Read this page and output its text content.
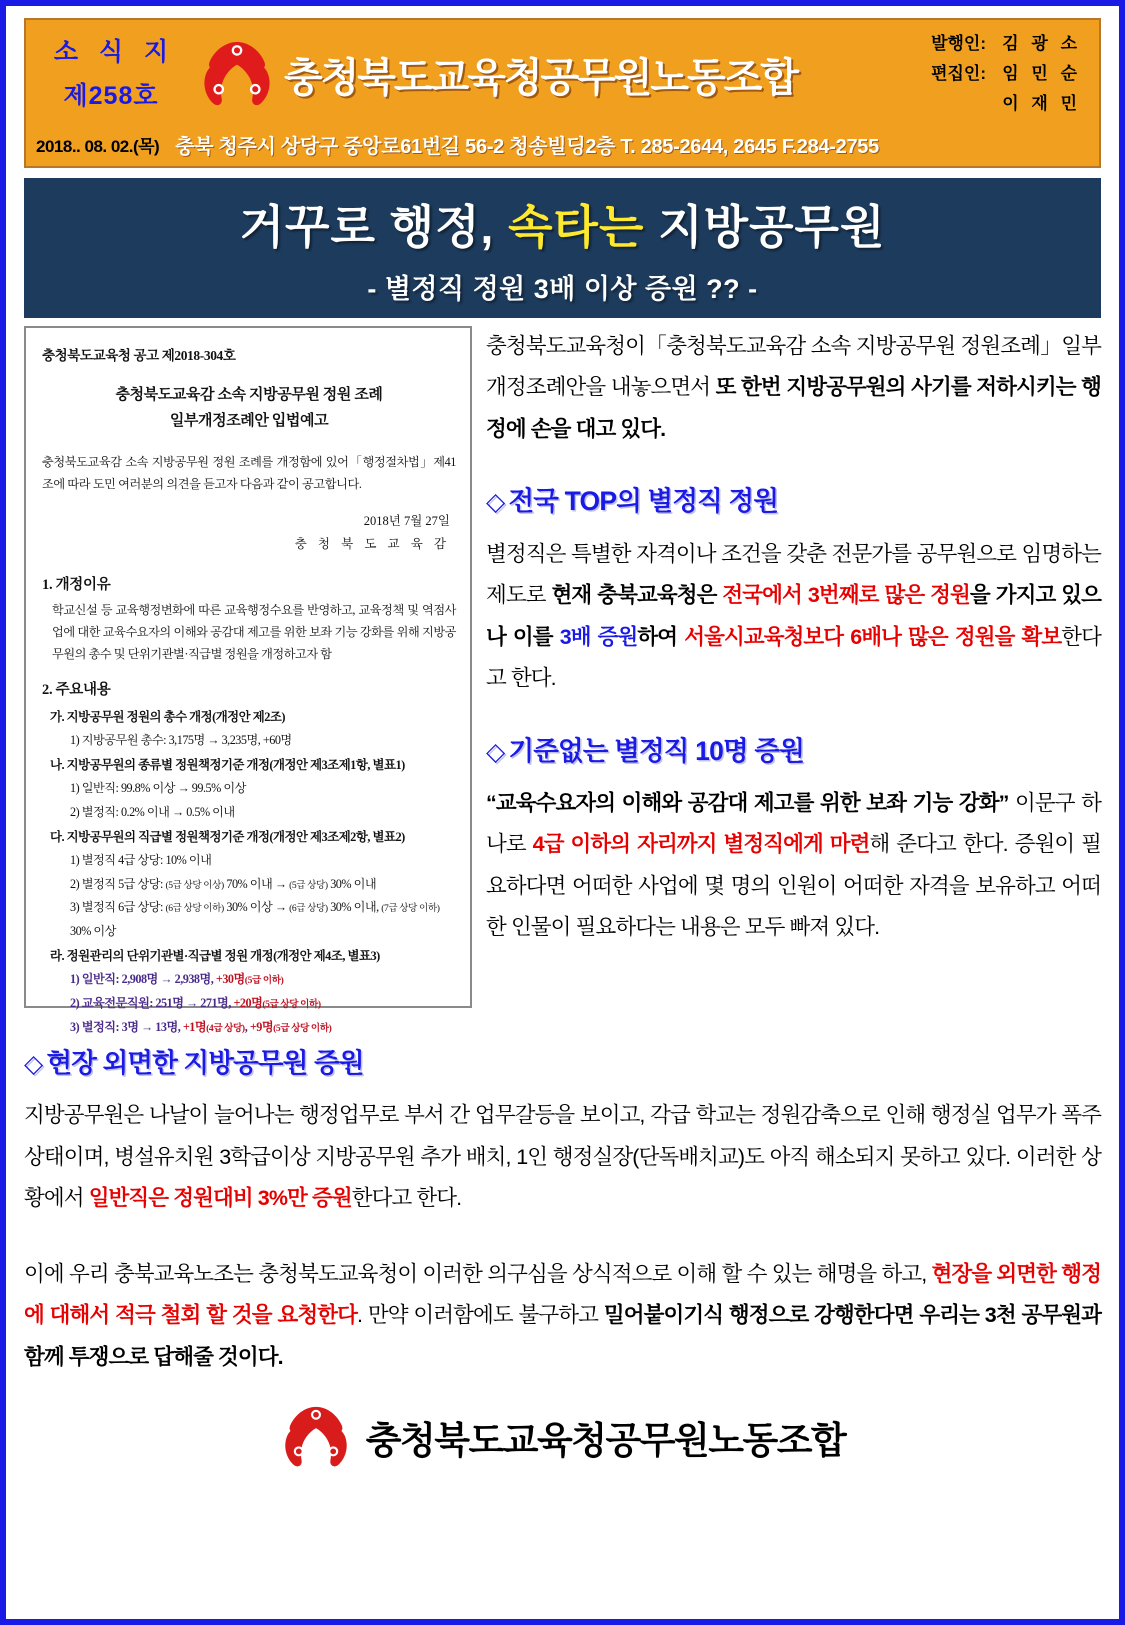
소 식 지
제258호	충청북도교육청공무원노동조합
발행인: 김 광 소
편집인: 임 민 순
이 재 민
2018.. 08. 02.(목) 충북 청주시 상당구 중앙로61번길 56-2 청송빌딩2층 T. 285-2644, 2645 F.284-2755
거꾸로 행정, 속타는 지방공무원
- 별정직 정원 3배 이상 증원 ?? -
충청북도교육청 공고 제2018-304호
충청북도교육감 소속 지방공무원 정원 조례
일부개정조례안 입법예고
충청북도교육감 소속 지방공무원 정원 조례를 개정함에 있어「행정절차법」제41조에 따라 도민 여러분의 의견을 듣고자 다음과 같이 공고합니다.
2018년 7월 27일
충 청 북 도 교 육 감
1. 개정이유
학교신설 등 교육행정변화에 따른 교육행정수요를 반영하고, 교육정책 및 역점사업에 대한 교육수요자의 이해와 공감대 제고를 위한 보좌 기능 강화를 위해 지방공무원의 총수 및 단위기관별·직급별 정원을 개정하고자 함
2. 주요내용
가. 지방공무원 정원의 총수 개정(개정안 제2조)
1) 지방공무원 총수: 3,175명 → 3,235명, +60명
나. 지방공무원의 종류별 정원책정기준 개정(개정안 제3조제1항, 별표1)
1) 일반직: 99.8% 이상 → 99.5% 이상
2) 별정직: 0.2% 이내 → 0.5% 이내
다. 지방공무원의 직급별 정원책정기준 개정(개정안 제3조제2항, 별표2)
1) 별정직 4급 상당: 10% 이내
2) 별정직 5급 상당: (5급 상당 이상) 70% 이내 → (5급 상당) 30% 이내
3) 별정직 6급 상당: (6급 상당 이하) 30% 이상 → (6급 상당) 30% 이내, (7급 상당 이하) 30% 이상
라. 정원관리의 단위기관별·직급별 정원 개정(개정안 제4조, 별표3)
1) 일반직: 2,908명 → 2,938명, +30명(5급 이하)
2) 교육전문직원: 251명 → 271명, +20명(5급 상당 이하)
3) 별정직: 3명 → 13명, +1명(4급 상당), +9명(5급 상당 이하)

충청북도교육청이「충청북도교육감 소속 지방공무원 정원조례」일부개정조례안을 내놓으면서 또 한번 지방공무원의 사기를 저하시키는 행정에 손을 대고 있다.

◇ 전국 TOP의 별정직 정원

별정직은 특별한 자격이나 조건을 갖춘 전문가를 공무원으로 임명하는 제도로 현재 충북교육청은 전국에서 3번째로 많은 정원을 가지고 있으나 이를 3배 증원하여 서울시교육청보다 6배나 많은 정원을 확보한다고 한다.

◇ 기준없는 별정직 10명 증원

“교육수요자의 이해와 공감대 제고를 위한 보좌 기능 강화” 이문구 하나로 4급 이하의 자리까지 별정직에게 마련해 준다고 한다. 증원이 필요하다면 어떠한 사업에 몇 명의 인원이 어떠한 자격을 보유하고 어떠한 인물이 필요하다는 내용은 모두 빠져 있다.

◇ 현장 외면한 지방공무원 증원

지방공무원은 나날이 늘어나는 행정업무로 부서 간 업무갈등을 보이고, 각급 학교는 정원감축으로 인해 행정실 업무가 폭주상태이며, 병설유치원 3학급이상 지방공무원 추가 배치, 1인 행정실장(단독배치교)도 아직 해소되지 못하고 있다. 이러한 상황에서 일반직은 정원대비 3%만 증원한다고 한다.

이에 우리 충북교육노조는 충청북도교육청이 이러한 의구심을 상식적으로 이해 할 수 있는 해명을 하고, 현장을 외면한 행정에 대해서 적극 철회 할 것을 요청한다. 만약 이러함에도 불구하고 밀어붙이기식 행정으로 강행한다면 우리는 3천 공무원과 함께 투쟁으로 답해줄 것이다.

충청북도교육청공무원노동조합
